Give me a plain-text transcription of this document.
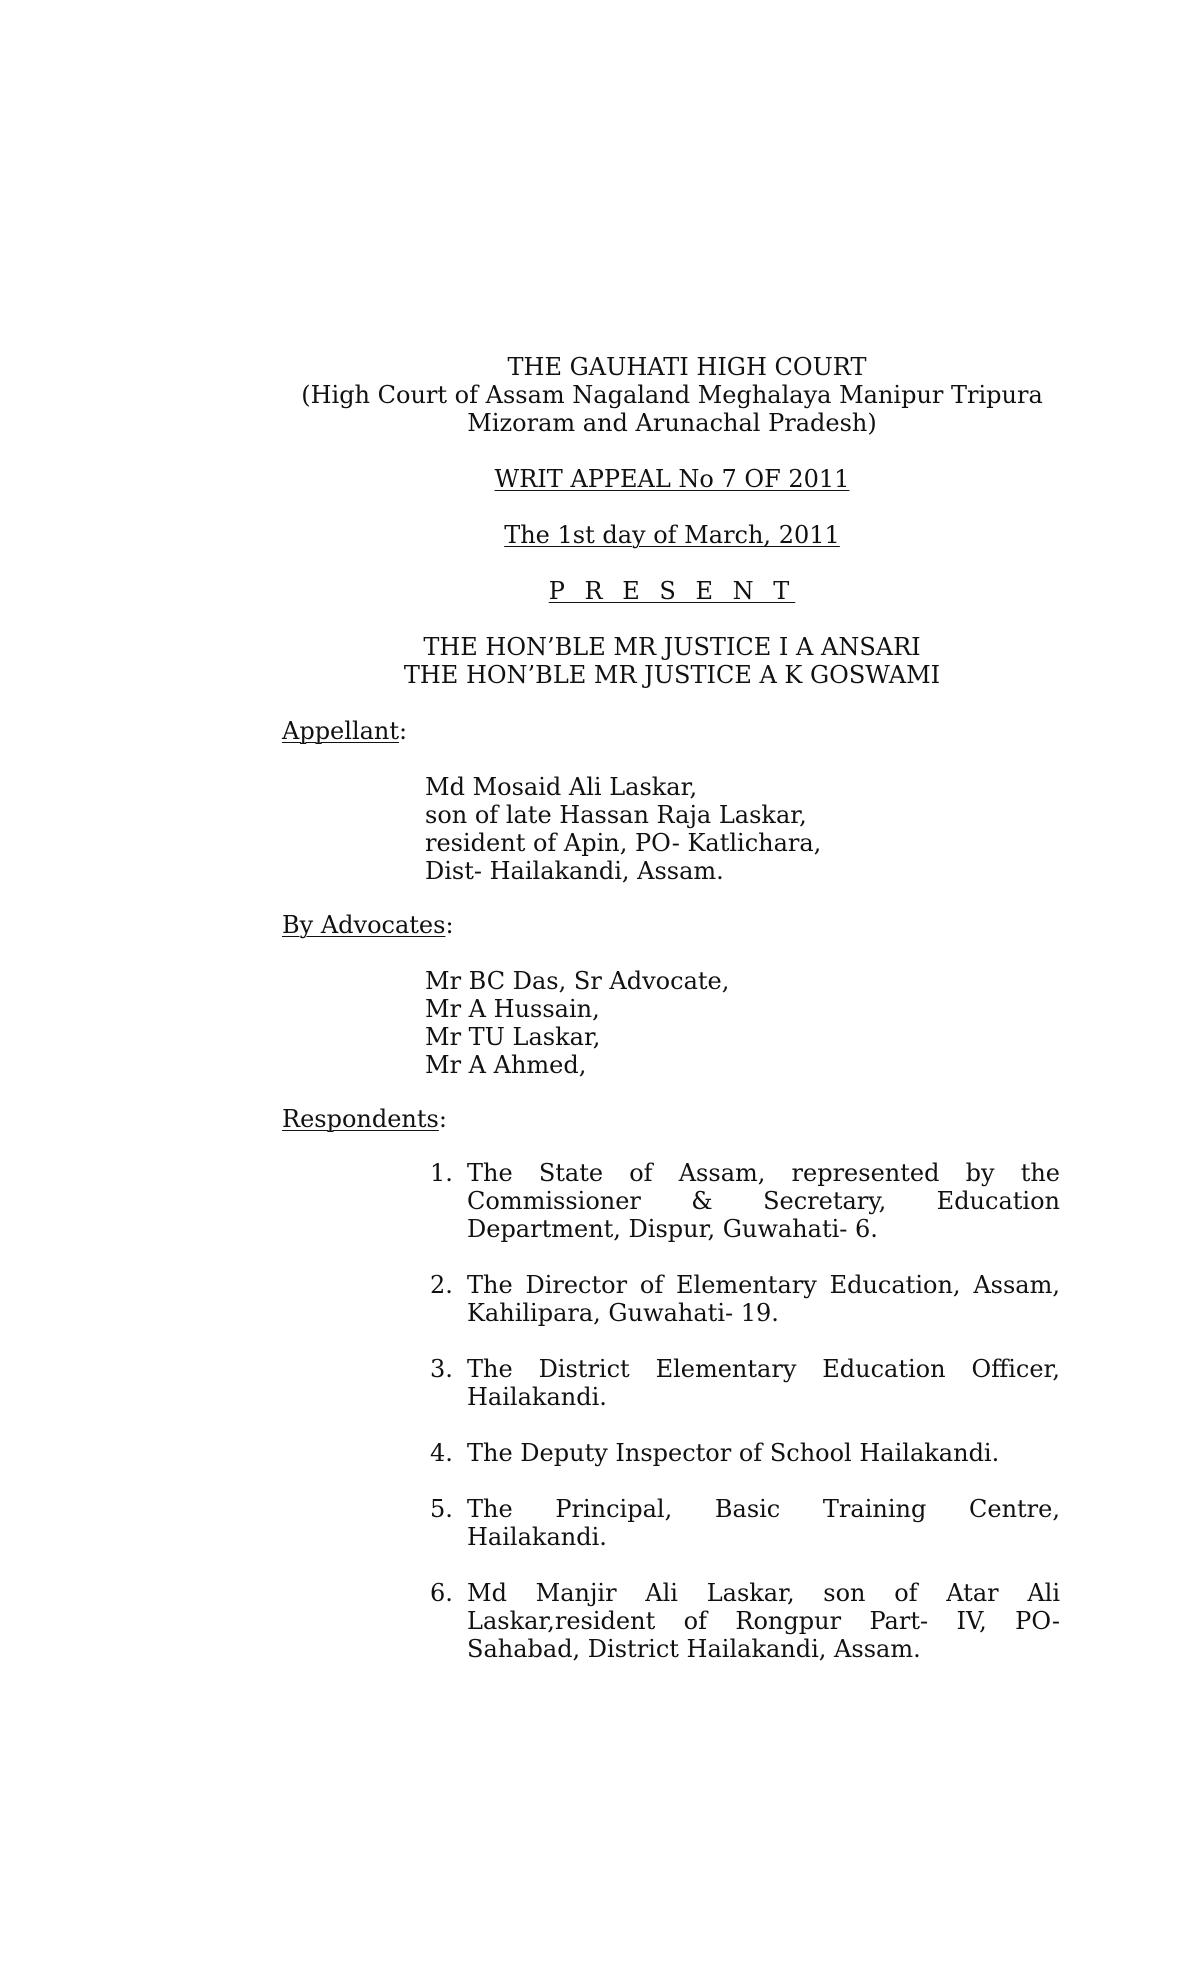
THE GAUHATI HIGH COURT
(High Court of Assam Nagaland Meghalaya Manipur Tripura
Mizoram and Arunachal Pradesh)
WRIT APPEAL No 7 OF 2011
The 1st day of March, 2011
P R E S E N T
THE HON’BLE MR JUSTICE I A ANSARI
THE HON’BLE MR JUSTICE A K GOSWAMI
Appellant:
Md Mosaid Ali Laskar,
son of late Hassan Raja Laskar,
resident of Apin, PO- Katlichara,
Dist- Hailakandi, Assam.
By Advocates:
Mr BC Das, Sr Advocate,
Mr A Hussain,
Mr TU Laskar,
Mr A Ahmed,
Respondents:
1. The State of Assam, represented by the Commissioner & Secretary, Education Department, Dispur, Guwahati- 6.
2. The Director of Elementary Education, Assam, Kahilipara, Guwahati- 19.
3. The District Elementary Education Officer, Hailakandi.
4. The Deputy Inspector of School Hailakandi.
5. The Principal, Basic Training Centre, Hailakandi.
6. Md Manjir Ali Laskar, son of Atar Ali Laskar,resident of Rongpur Part- IV, PO- Sahabad, District Hailakandi, Assam.
